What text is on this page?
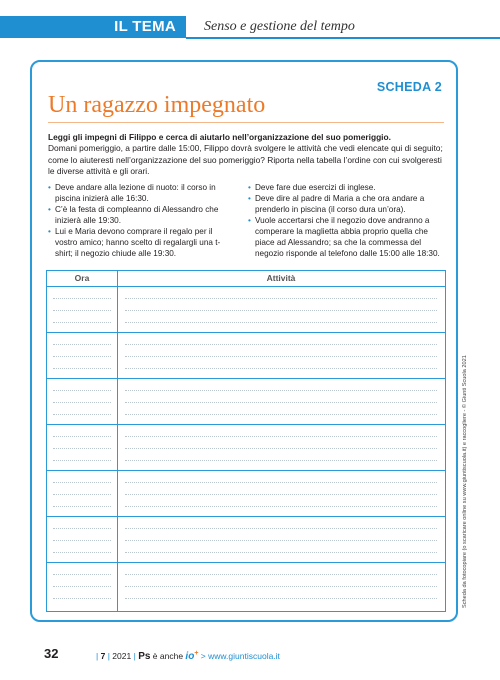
IL TEMA Senso e gestione del tempo
SCHEDA 2
Un ragazzo impegnato
Leggi gli impegni di Filippo e cerca di aiutarlo nell’organizzazione del suo pomeriggio.
Domani pomeriggio, a partire dalle 15:00, Filippo dovrà svolgere le attività che vedi elencate qui di seguito; come lo aiuteresti nell’organizzazione del suo pomeriggio? Riporta nella tabella l’ordine con cui svolgeresti le diverse attività e gli orari.
• Deve andare alla lezione di nuoto: il corso in piscina inizierà alle 16:30.
• C’è la festa di compleanno di Alessandro che inizierà alle 19:30.
• Lui e Maria devono comprare il regalo per il vostro amico; hanno scelto di regalargli una t-shirt; il negozio chiude alle 19:30.
• Deve fare due esercizi di inglese.
• Deve dire al padre di Maria a che ora andare a prenderlo in piscina (il corso dura un’ora).
• Vuole accertarsi che il negozio dove andranno a comperare la maglietta abbia proprio quella che piace ad Alessandro; sa che la commessa del negozio risponde al telefono dalle 15:00 alle 18:30.
Ora	Attività
Scheda da fotocopiare (o scaricare online su www.giuntiscuola.it) e raccogliere - © Giunti Scuola 2021
32	| 7 | 2021 | Ps è anche io+ > www.giuntiscuola.it
